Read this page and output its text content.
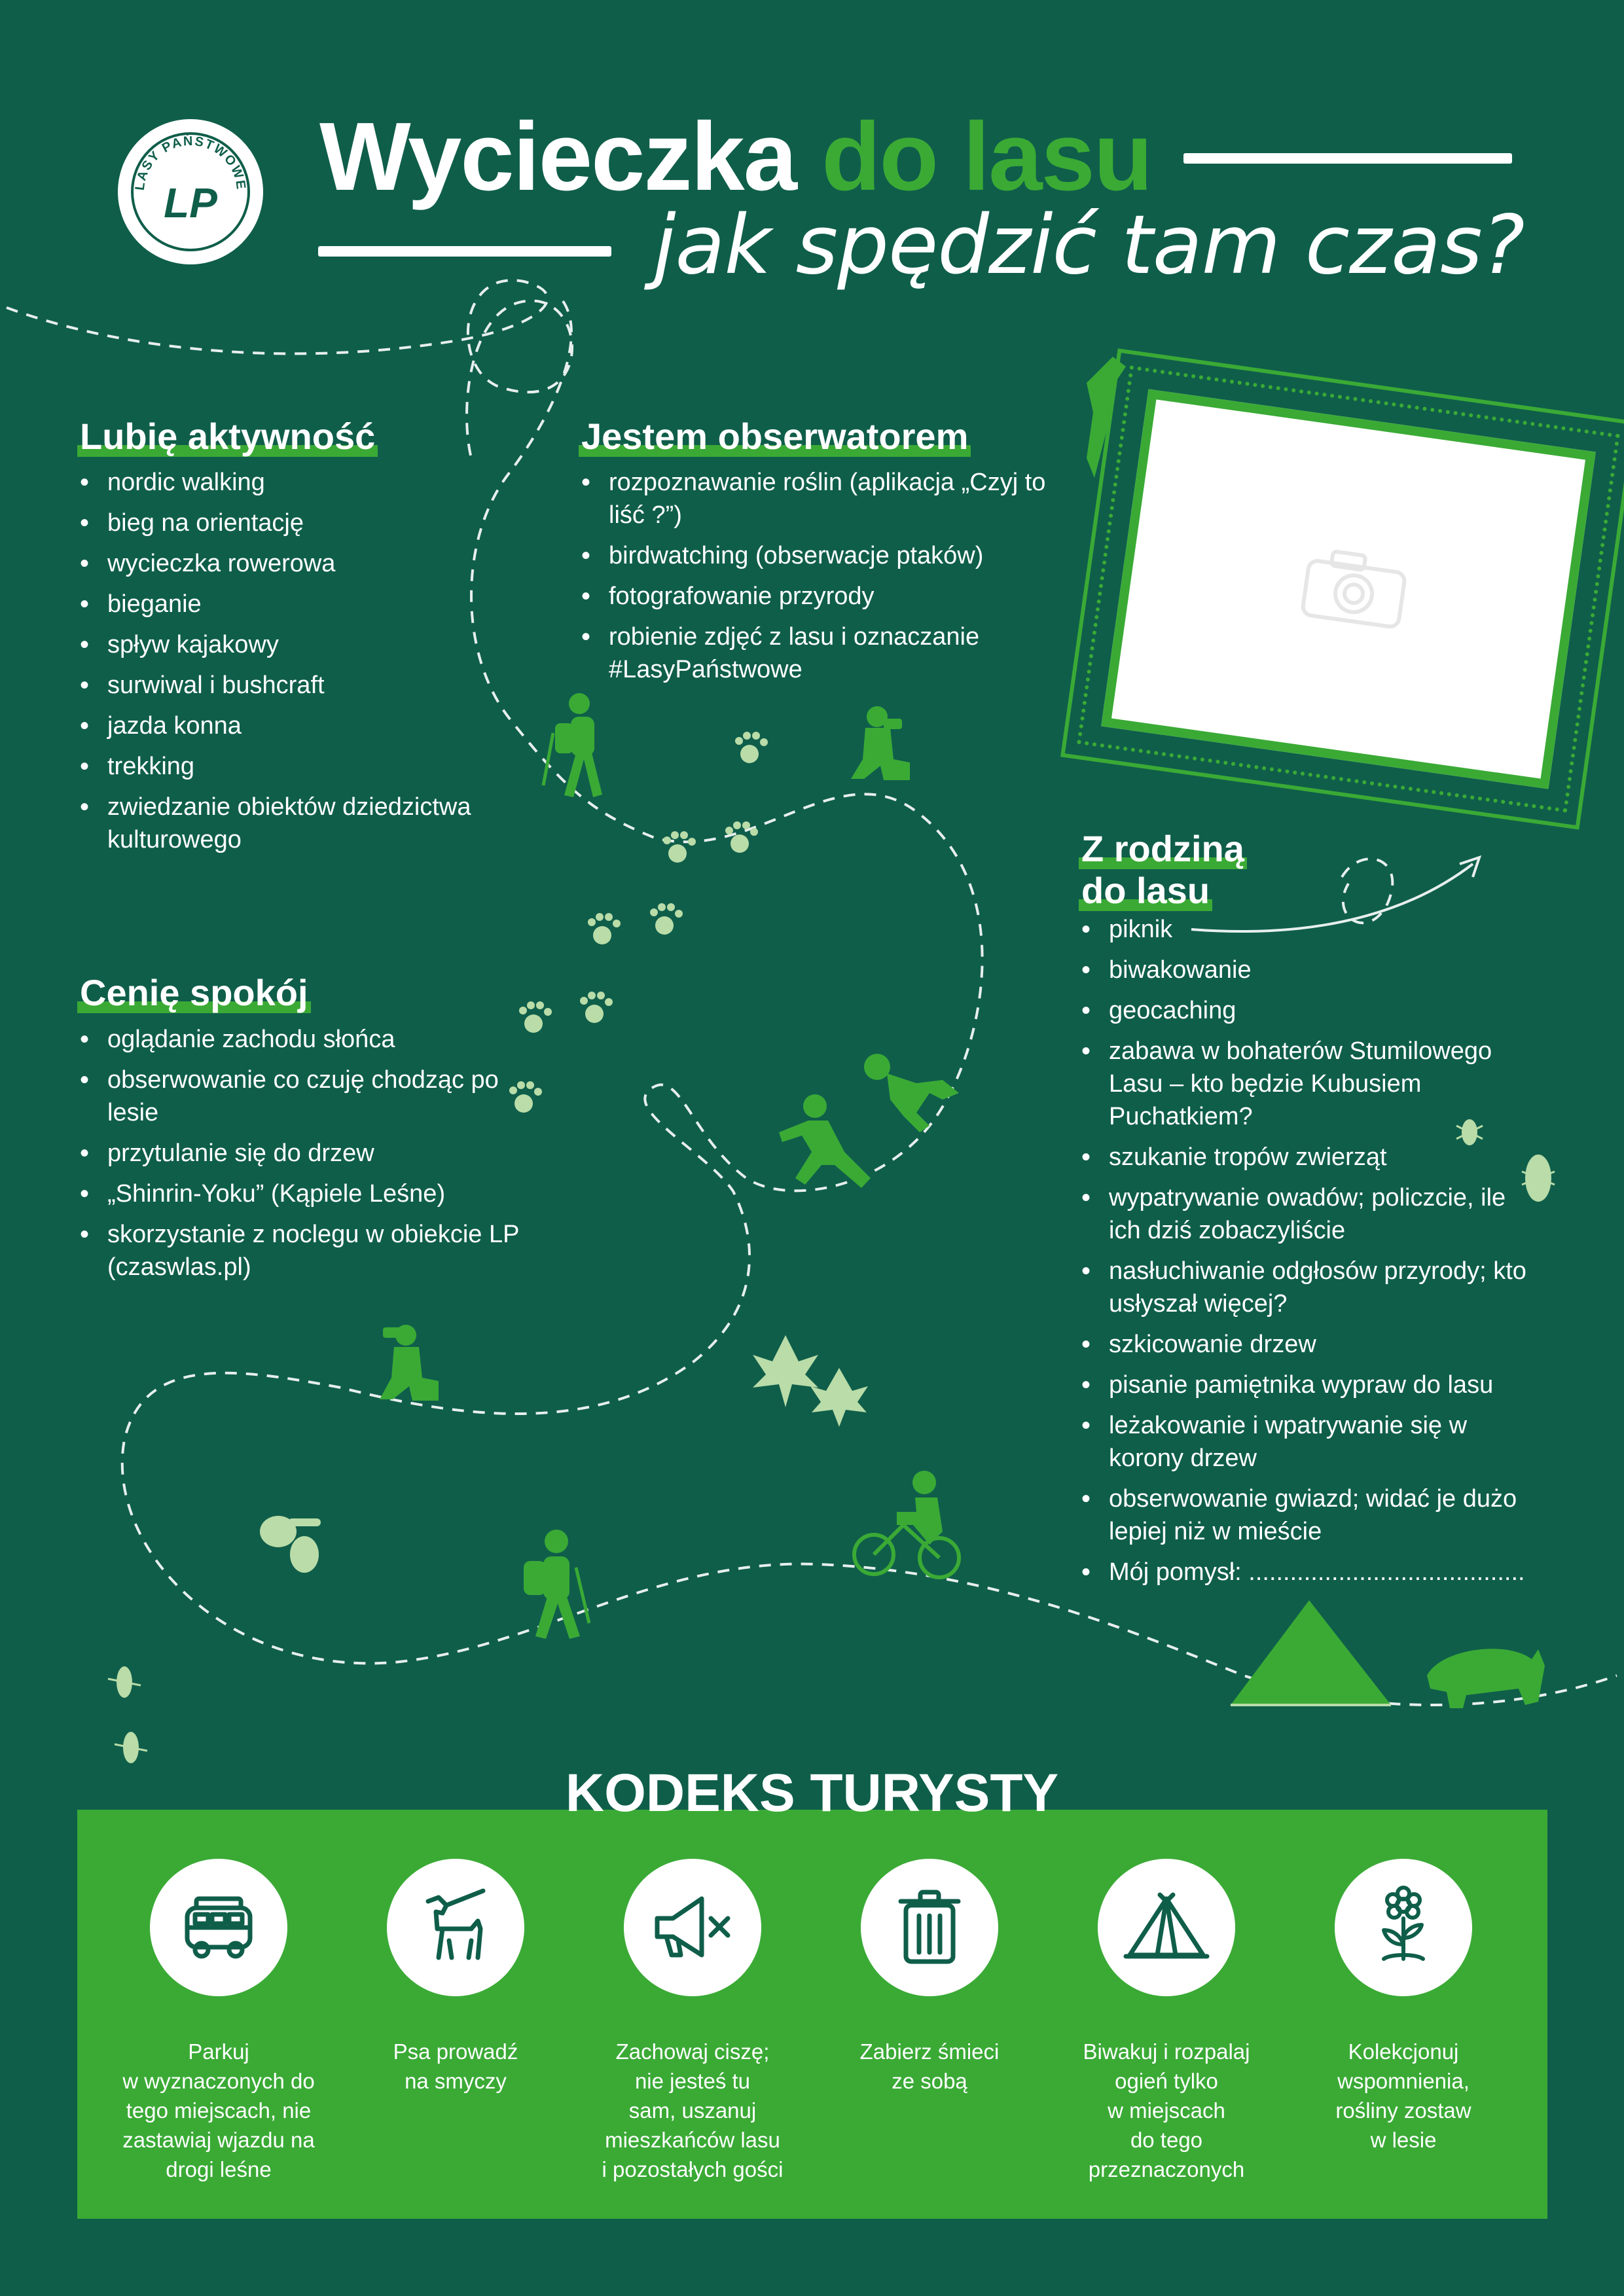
LASY PAŃSTWOWE
LP Wycieczka do lasu
jak spędzić tam czas?
Lubię aktywność
• nordic walking
• bieg na orientację
• wycieczka rowerowa
• bieganie
• spływ kajakowy
• surwiwal i bushcraft
• jazda konna
• trekking
• zwiedzanie obiektów dziedzictwa kulturowego
Jestem obserwatorem
• rozpoznawanie roślin (aplikacja „Czyj to liść ?”)
• birdwatching (obserwacje ptaków)
• fotografowanie przyrody
• robienie zdjęć z lasu i oznaczanie #LasyPaństwowe
Cenię spokój
• oglądanie zachodu słońca
• obserwowanie co czuję chodząc po lesie
• przytulanie się do drzew
• „Shinrin-Yoku” (Kąpiele Leśne)
• skorzystanie z noclegu w obiekcie LP (czaswlas.pl)
Z rodziną
do lasu
• piknik
• biwakowanie
• geocaching
• zabawa w bohaterów Stumilowego Lasu – kto będzie Kubusiem Puchatkiem?
• szukanie tropów zwierząt
• wypatrywanie owadów; policzcie, ile ich dziś zobaczyliście
• nasłuchiwanie odgłosów przyrody; kto usłyszał więcej?
• szkicowanie drzew
• pisanie pamiętnika wypraw do lasu
• leżakowanie i wpatrywanie się w korony drzew
• obserwowanie gwiazd; widać je dużo lepiej niż w mieście
• Mój pomysł: ........................................
KODEKS TURYSTY
Parkuj
w wyznaczonych do
tego miejscach, nie
zastawiaj wjazdu na
drogi leśne
Psa prowadź
na smyczy
Zachowaj ciszę;
nie jesteś tu
sam, uszanuj
mieszkańców lasu
i pozostałych gości
Zabierz śmieci
ze sobą
Biwakuj i rozpalaj
ogień tylko
w miejscach
do tego
przeznaczonych
Kolekcjonuj
wspomnienia,
rośliny zostaw
w lesie
